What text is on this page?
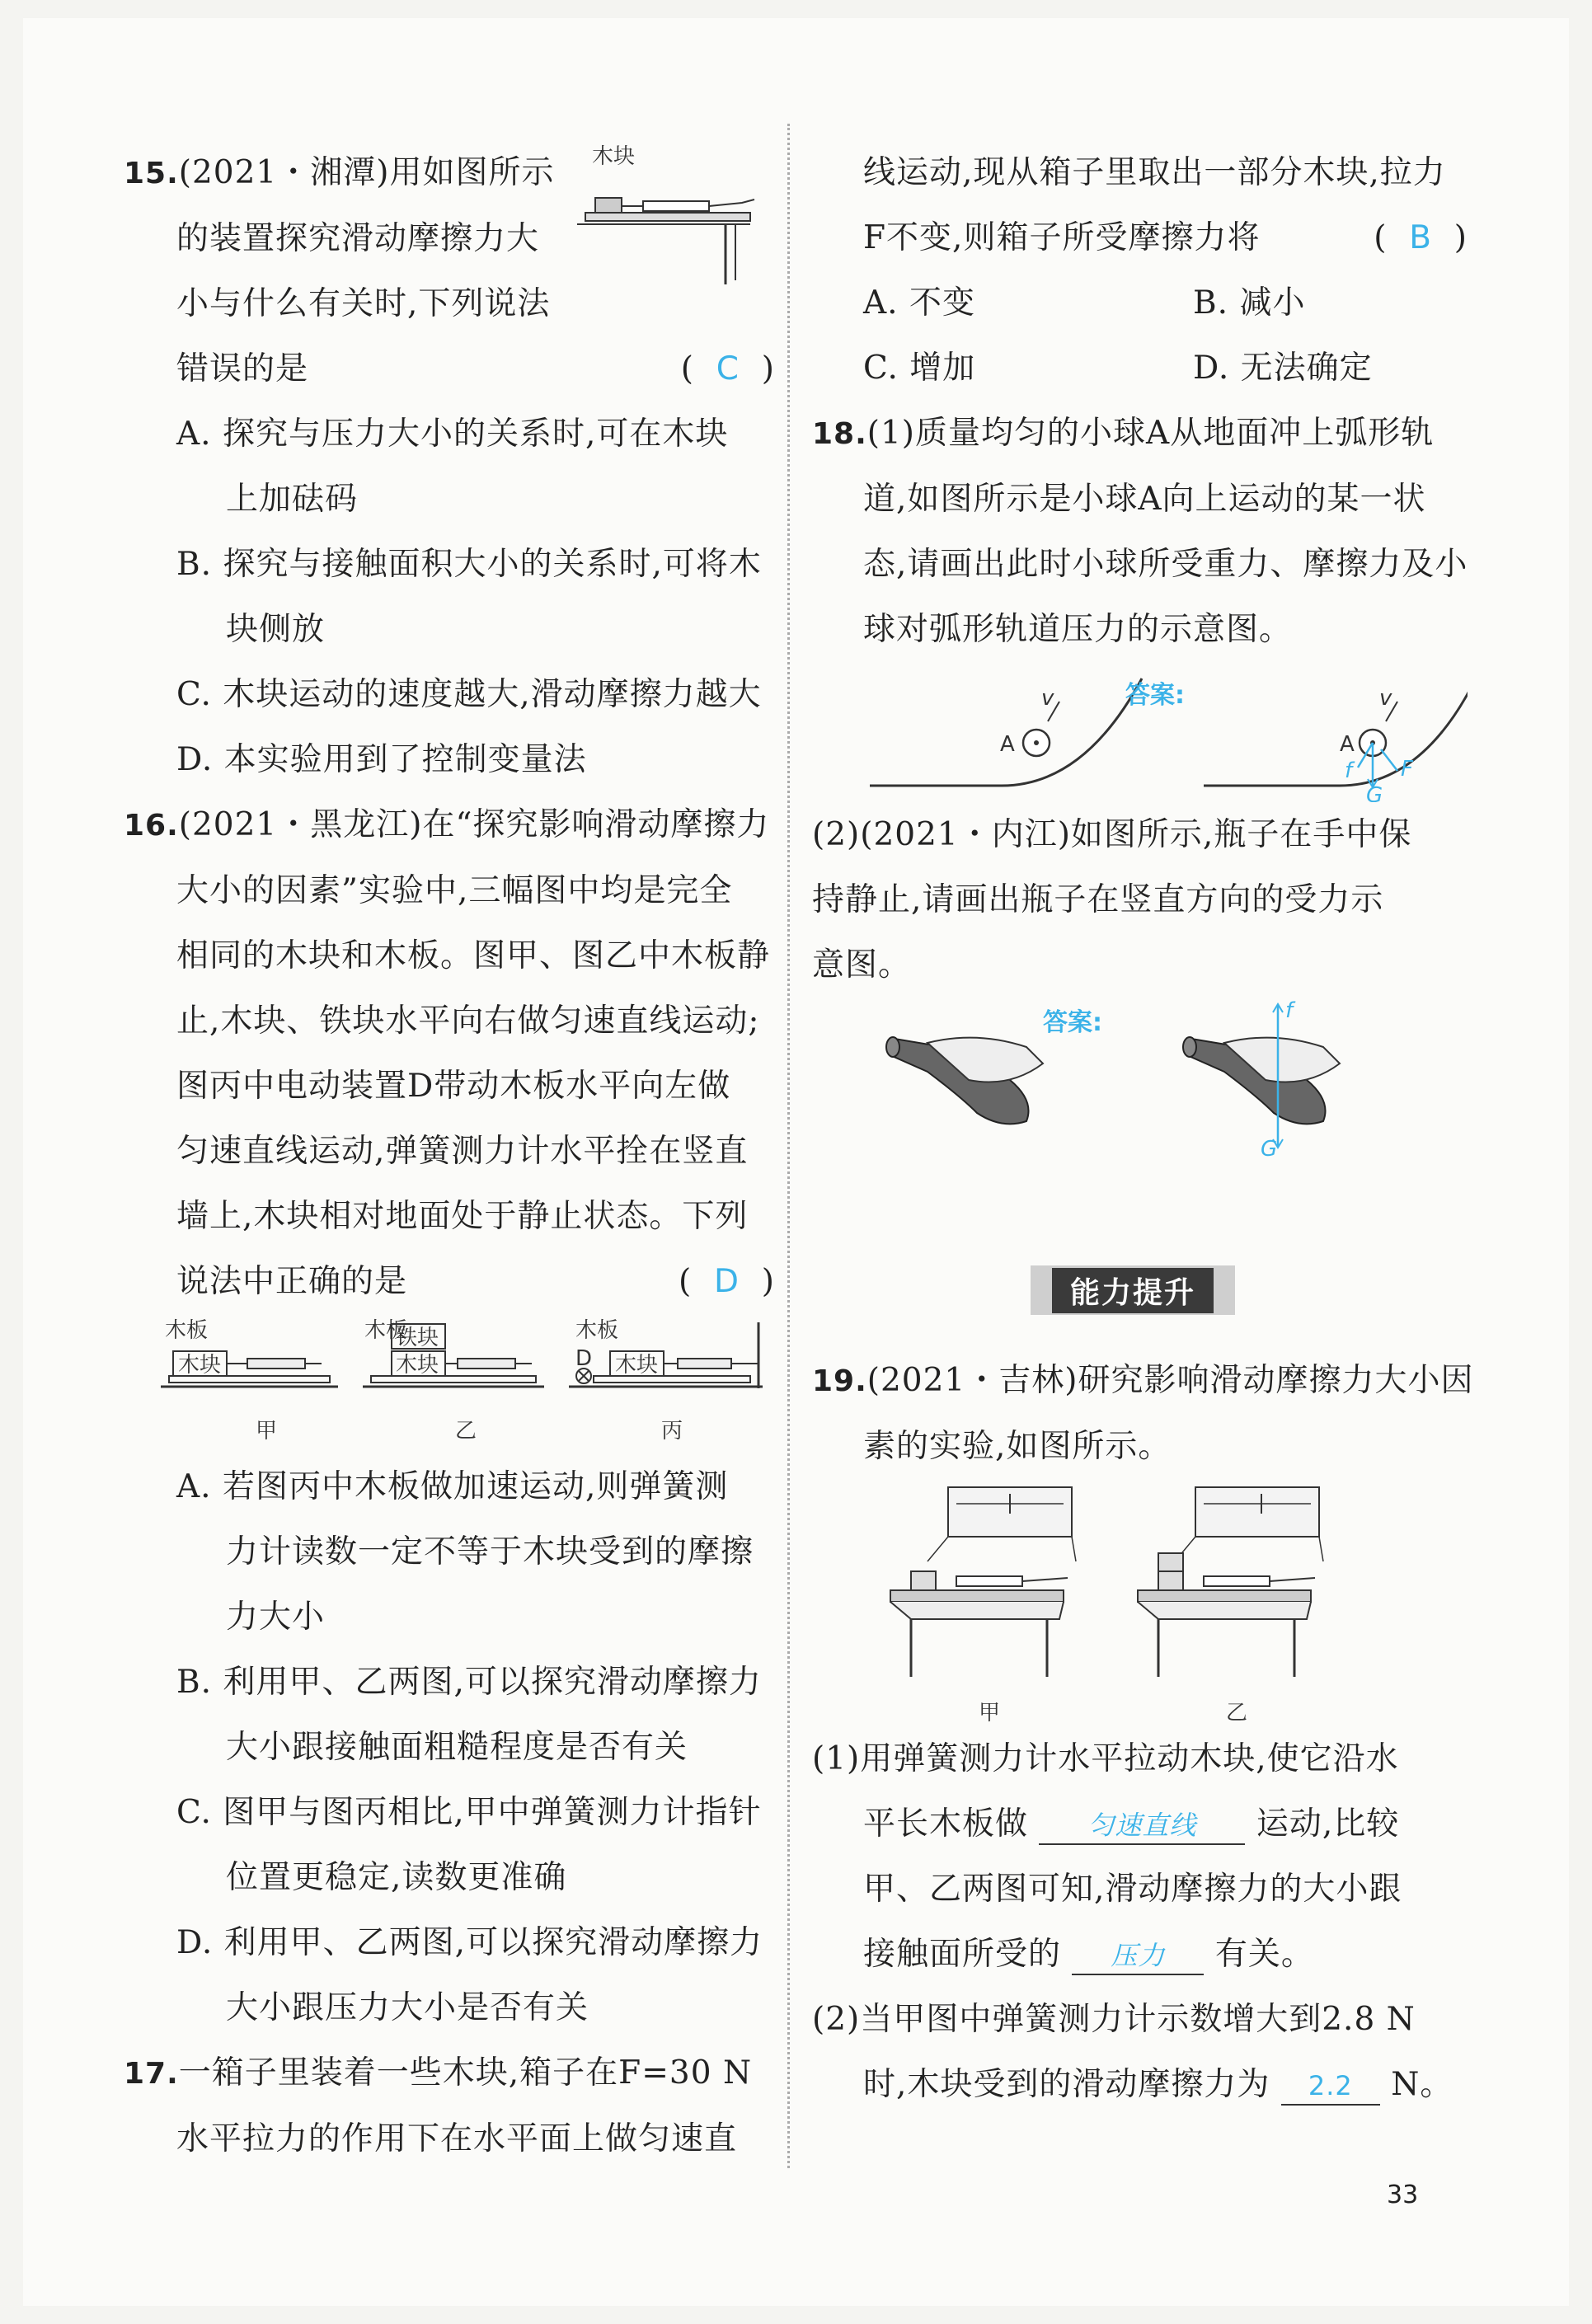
15.(2021・湘潭)用如图所示
的装置探究滑动摩擦力大
小与什么有关时,下列说法
错误的是	( C )
木块
A. 探究与压力大小的关系时,可在木块
上加砝码
B. 探究与接触面积大小的关系时,可将木
块侧放
C. 木块运动的速度越大,滑动摩擦力越大
D. 本实验用到了控制变量法
16.(2021・黑龙江)在“探究影响滑动摩擦力
大小的因素”实验中,三幅图中均是完全
相同的木块和木板。图甲、图乙中木板静
止,木块、铁块水平向右做匀速直线运动;
图丙中电动装置D带动木板水平向左做
匀速直线运动,弹簧测力计水平拴在竖直
墙上,木块相对地面处于静止状态。下列
说法中正确的是	( D )
木板
木块
甲
木板
铁块
木块
乙
木板
D 木块
丙
A. 若图丙中木板做加速运动,则弹簧测
力计读数一定不等于木块受到的摩擦
力大小
B. 利用甲、乙两图,可以探究滑动摩擦力
大小跟接触面粗糙程度是否有关
C. 图甲与图丙相比,甲中弹簧测力计指针
位置更稳定,读数更准确
D. 利用甲、乙两图,可以探究滑动摩擦力
大小跟压力大小是否有关
17.一箱子里装着一些木块,箱子在F=30 N
水平拉力的作用下在水平面上做匀速直
线运动,现从箱子里取出一部分木块,拉力
F不变,则箱子所受摩擦力将	( B )
A. 不变	B. 减小
C. 增加	D. 无法确定
18.(1)质量均匀的小球A从地面冲上弧形轨
道,如图所示是小球A向上运动的某一状
态,请画出此时小球所受重力、摩擦力及小
球对弧形轨道压力的示意图。
A
v	答案:
A
v
f
G
F
(2)(2021・内江)如图所示,瓶子在手中保
持静止,请画出瓶子在竖直方向的受力示
意图。
答案:	f
G
能力提升
19.(2021・吉林)研究影响滑动摩擦力大小因
素的实验,如图所示。
甲	乙
(1)用弹簧测力计水平拉动木块,使它沿水
平长木板做 匀速直线 运动,比较
甲、乙两图可知,滑动摩擦力的大小跟
接触面所受的 压力 有关。
(2)当甲图中弹簧测力计示数增大到2.8 N
时,木块受到的滑动摩擦力为 2.2 N。
33
